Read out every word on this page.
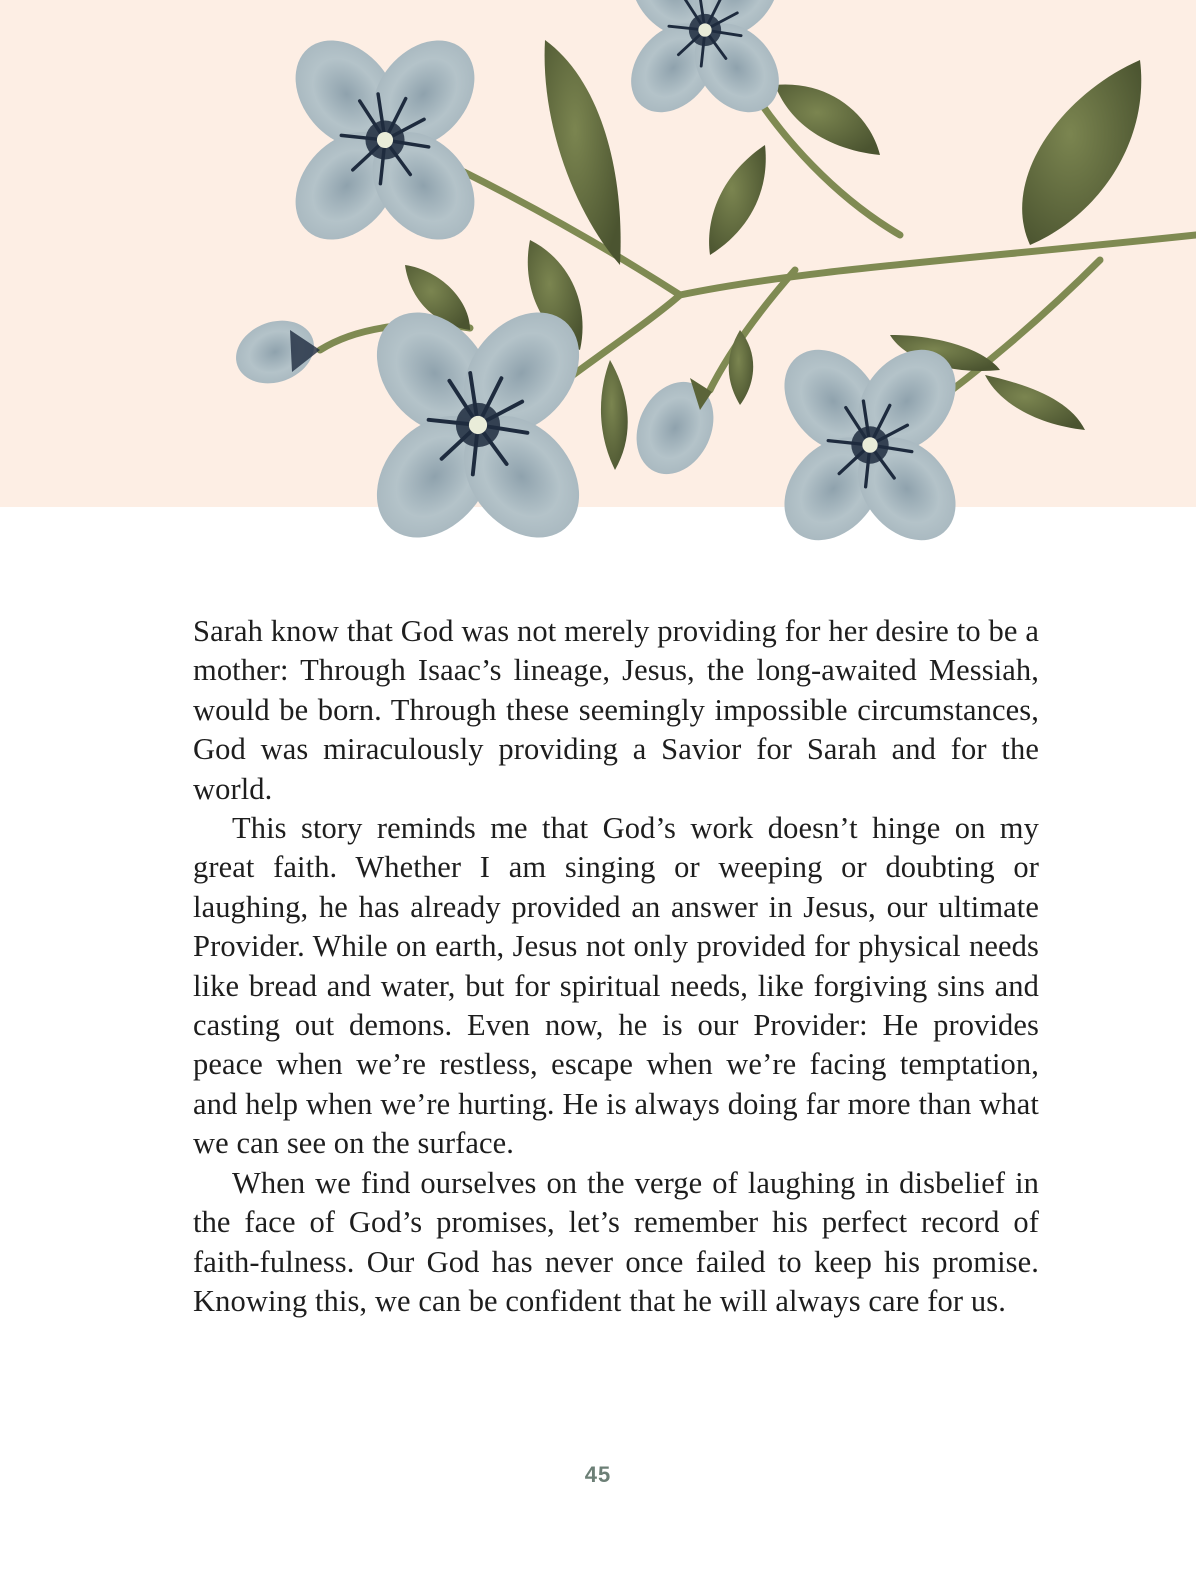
Sarah know that God was not merely providing for her desire to be a mother: Through Isaac’s lineage, Jesus, the long-awaited Messiah, would be born. Through these seemingly impossible circumstances, God was miraculously providing a Savior for Sarah and for the world.

This story reminds me that God’s work doesn’t hinge on my great faith. Whether I am singing or weeping or doubting or laughing, he has already provided an answer in Jesus, our ultimate Provider. While on earth, Jesus not only provided for physical needs like bread and water, but for spiritual needs, like forgiving sins and casting out demons. Even now, he is our Provider: He provides peace when we’re restless, escape when we’re facing temptation, and help when we’re hurting. He is always doing far more than what we can see on the surface.

When we find ourselves on the verge of laughing in disbelief in the face of God’s promises, let’s remember his perfect record of faith-fulness. Our God has never once failed to keep his promise. Knowing this, we can be confident that he will always care for us.

45
